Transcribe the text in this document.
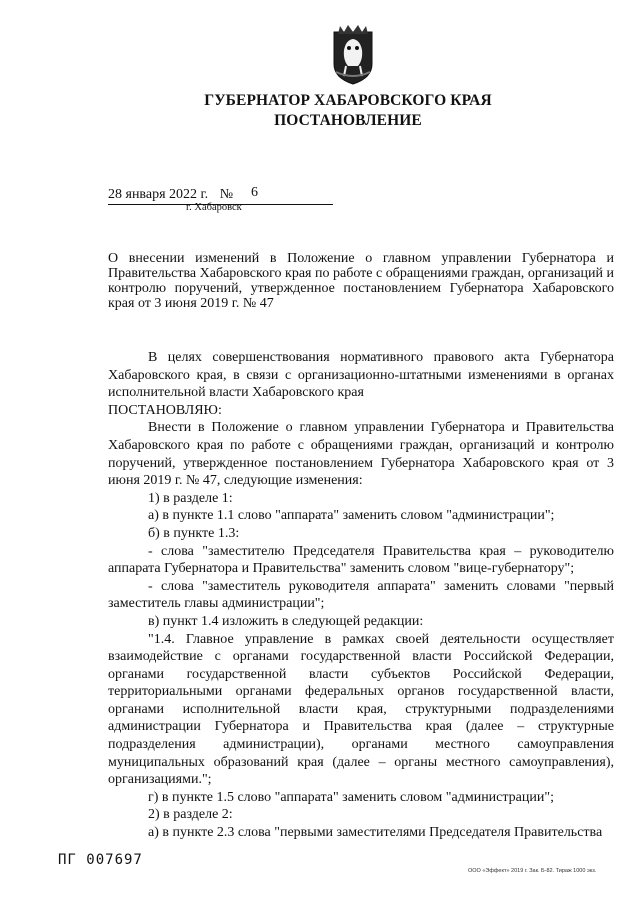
ГУБЕРНАТОР ХАБАРОВСКОГО КРАЯ
ПОСТАНОВЛЕНИЕ
28 января 2022 г. № 6
г. Хабаровск
О внесении изменений в Положение о главном управлении Губернатора и Правительства Хабаровского края по работе с обращениями граждан, организаций и контролю поручений, утвержденное постановлением Губернатора Хабаровского края от 3 июня 2019 г. № 47

В целях совершенствования нормативного правового акта Губернатора Хабаровского края, в связи с организационно-штатными изменениями в органах исполнительной власти Хабаровского края

ПОСТАНОВЛЯЮ:

Внести в Положение о главном управлении Губернатора и Правительства Хабаровского края по работе с обращениями граждан, организаций и контролю поручений, утвержденное постановлением Губернатора Хабаровского края от 3 июня 2019 г. № 47, следующие изменения:

1) в разделе 1:

а) в пункте 1.1 слово "аппарата" заменить словом "администрации";

б) в пункте 1.3:

- слова "заместителю Председателя Правительства края – руководителю аппарата Губернатора и Правительства" заменить словом "вице-губернатору";

- слова "заместитель руководителя аппарата" заменить словами "первый заместитель главы администрации";

в) пункт 1.4 изложить в следующей редакции:

"1.4. Главное управление в рамках своей деятельности осуществляет взаимодействие с органами государственной власти Российской Федерации, органами государственной власти субъектов Российской Федерации, территориальными органами федеральных органов государственной власти, органами исполнительной власти края, структурными подразделениями администрации Губернатора и Правительства края (далее – структурные подразделения администрации), органами местного самоуправления муниципальных образований края (далее – органы местного самоуправления), организациями.";

г) в пункте 1.5 слово "аппарата" заменить словом "администрации";

2) в разделе 2:

а) в пункте 2.3 слова "первыми заместителями Председателя Правительства

ПГ 007697
ООО «Эффект» 2019 г. Зак. Б-82. Тираж 1000 экз.
